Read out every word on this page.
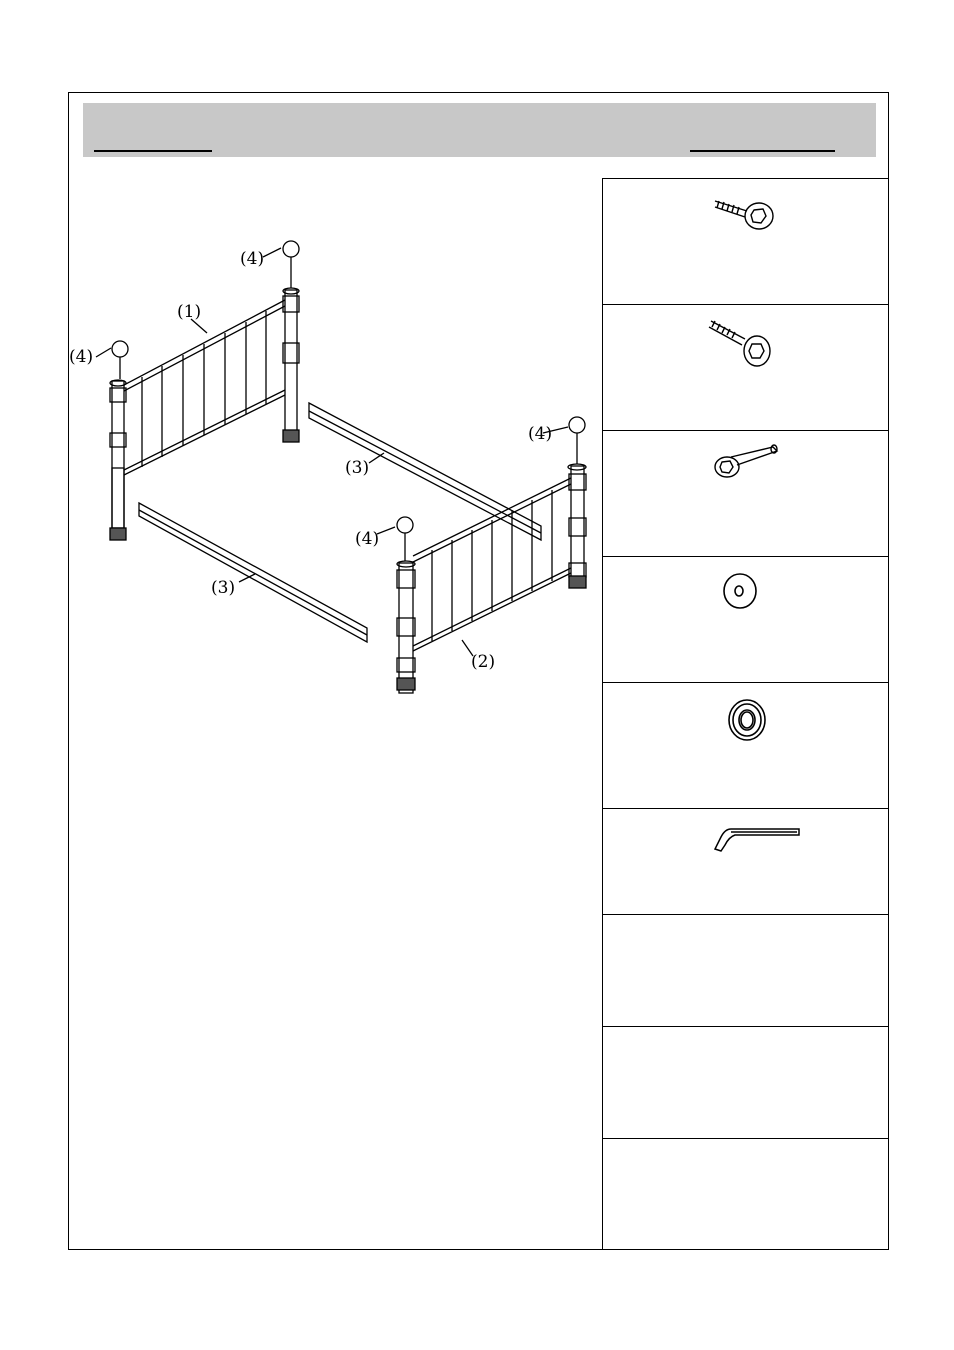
(1)
(2)
(3)
(3)
(4)
(4)
(4)
(4)
